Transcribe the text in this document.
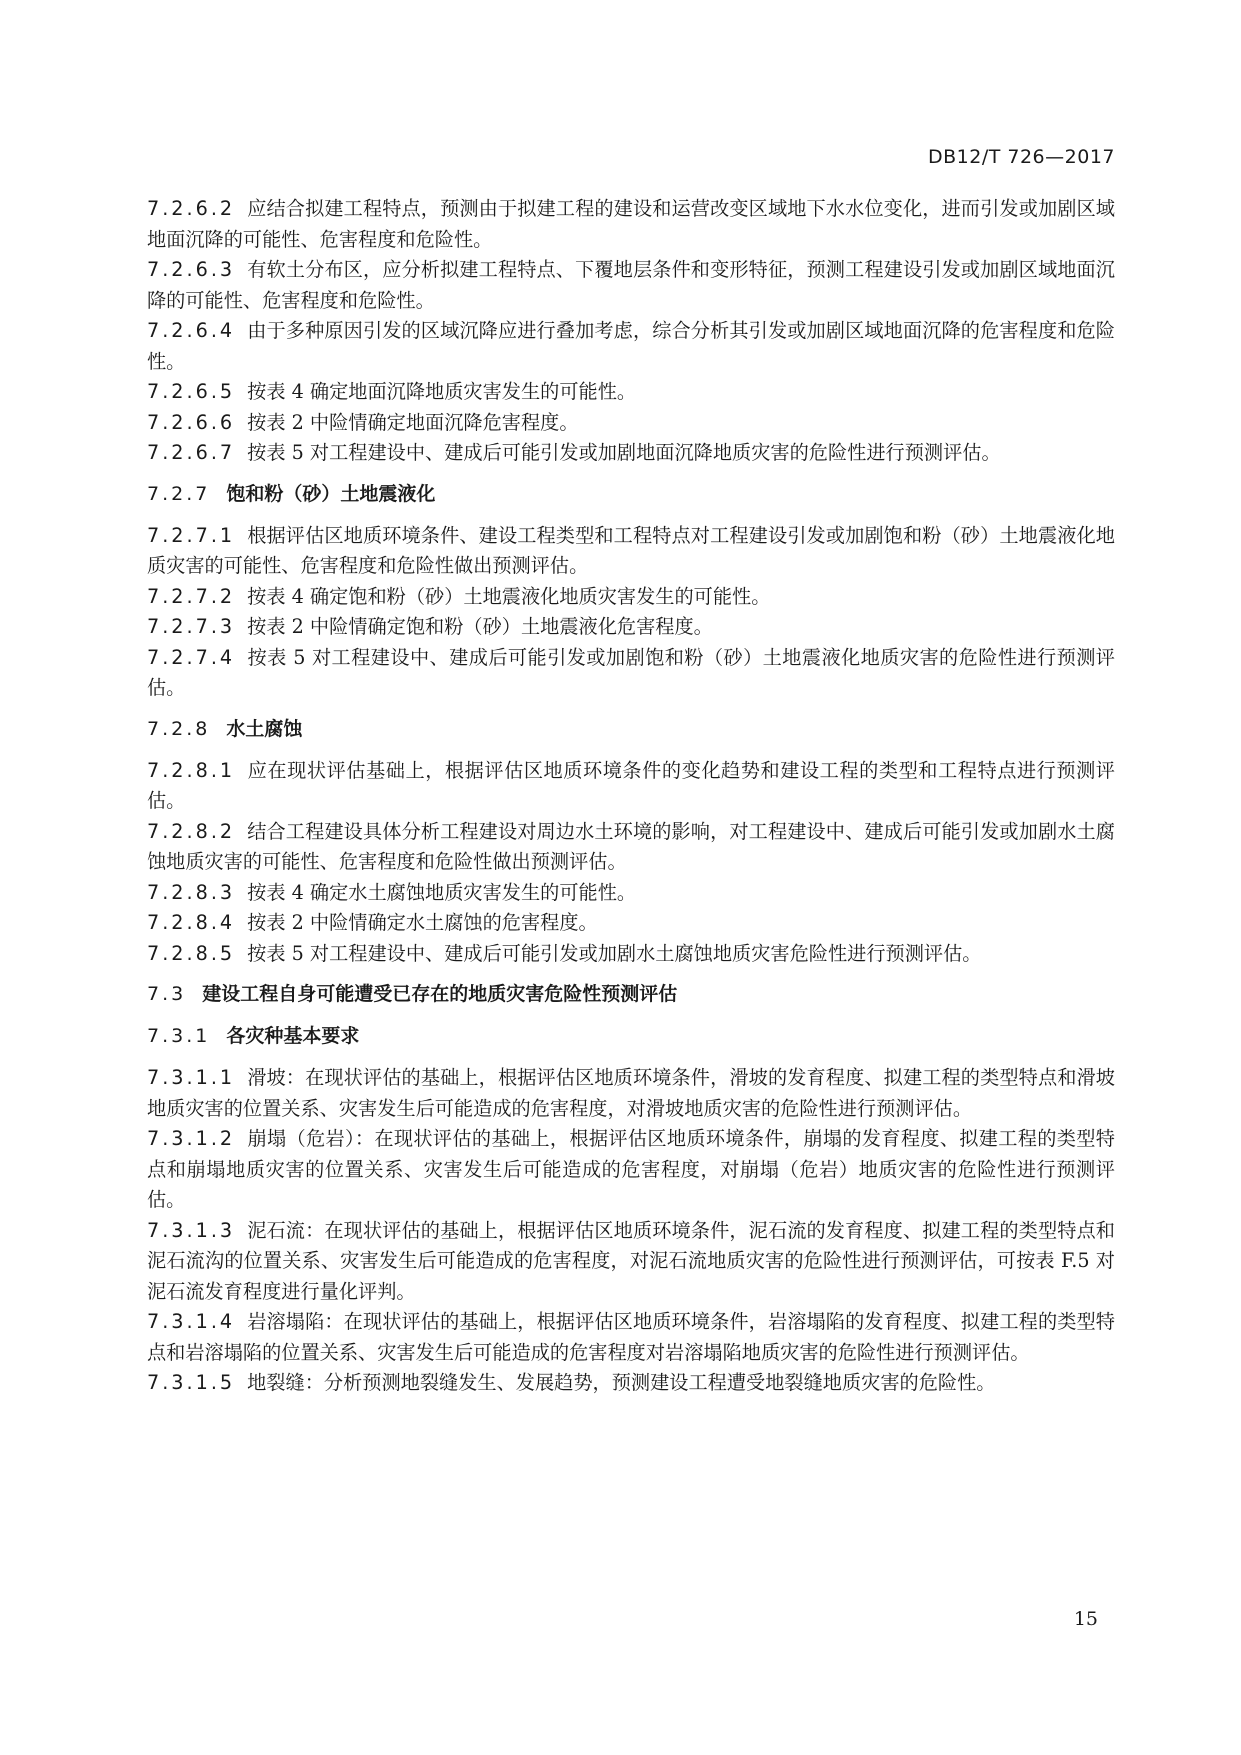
DB12/T 726—2017

7.2.6.2 应结合拟建工程特点，预测由于拟建工程的建设和运营改变区域地下水水位变化，进而引发或加剧区域地面沉降的可能性、危害程度和危险性。

7.2.6.3 有软土分布区，应分析拟建工程特点、下覆地层条件和变形特征，预测工程建设引发或加剧区域地面沉降的可能性、危害程度和危险性。

7.2.6.4 由于多种原因引发的区域沉降应进行叠加考虑，综合分析其引发或加剧区域地面沉降的危害程度和危险性。

7.2.6.5 按表 4 确定地面沉降地质灾害发生的可能性。

7.2.6.6 按表 2 中险情确定地面沉降危害程度。

7.2.6.7 按表 5 对工程建设中、建成后可能引发或加剧地面沉降地质灾害的危险性进行预测评估。

7.2.7 饱和粉（砂）土地震液化

7.2.7.1 根据评估区地质环境条件、建设工程类型和工程特点对工程建设引发或加剧饱和粉（砂）土地震液化地质灾害的可能性、危害程度和危险性做出预测评估。

7.2.7.2 按表 4 确定饱和粉（砂）土地震液化地质灾害发生的可能性。

7.2.7.3 按表 2 中险情确定饱和粉（砂）土地震液化危害程度。

7.2.7.4 按表 5 对工程建设中、建成后可能引发或加剧饱和粉（砂）土地震液化地质灾害的危险性进行预测评估。

7.2.8 水土腐蚀

7.2.8.1 应在现状评估基础上，根据评估区地质环境条件的变化趋势和建设工程的类型和工程特点进行预测评估。

7.2.8.2 结合工程建设具体分析工程建设对周边水土环境的影响，对工程建设中、建成后可能引发或加剧水土腐蚀地质灾害的可能性、危害程度和危险性做出预测评估。

7.2.8.3 按表 4 确定水土腐蚀地质灾害发生的可能性。

7.2.8.4 按表 2 中险情确定水土腐蚀的危害程度。

7.2.8.5 按表 5 对工程建设中、建成后可能引发或加剧水土腐蚀地质灾害危险性进行预测评估。

7.3 建设工程自身可能遭受已存在的地质灾害危险性预测评估
7.3.1 各灾种基本要求

7.3.1.1 滑坡：在现状评估的基础上，根据评估区地质环境条件，滑坡的发育程度、拟建工程的类型特点和滑坡地质灾害的位置关系、灾害发生后可能造成的危害程度，对滑坡地质灾害的危险性进行预测评估。

7.3.1.2 崩塌（危岩）：在现状评估的基础上，根据评估区地质环境条件，崩塌的发育程度、拟建工程的类型特点和崩塌地质灾害的位置关系、灾害发生后可能造成的危害程度，对崩塌（危岩）地质灾害的危险性进行预测评估。

7.3.1.3 泥石流：在现状评估的基础上，根据评估区地质环境条件，泥石流的发育程度、拟建工程的类型特点和泥石流沟的位置关系、灾害发生后可能造成的危害程度，对泥石流地质灾害的危险性进行预测评估，可按表 F.5 对泥石流发育程度进行量化评判。

7.3.1.4 岩溶塌陷：在现状评估的基础上，根据评估区地质环境条件，岩溶塌陷的发育程度、拟建工程的类型特点和岩溶塌陷的位置关系、灾害发生后可能造成的危害程度对岩溶塌陷地质灾害的危险性进行预测评估。

7.3.1.5 地裂缝：分析预测地裂缝发生、发展趋势，预测建设工程遭受地裂缝地质灾害的危险性。

15
